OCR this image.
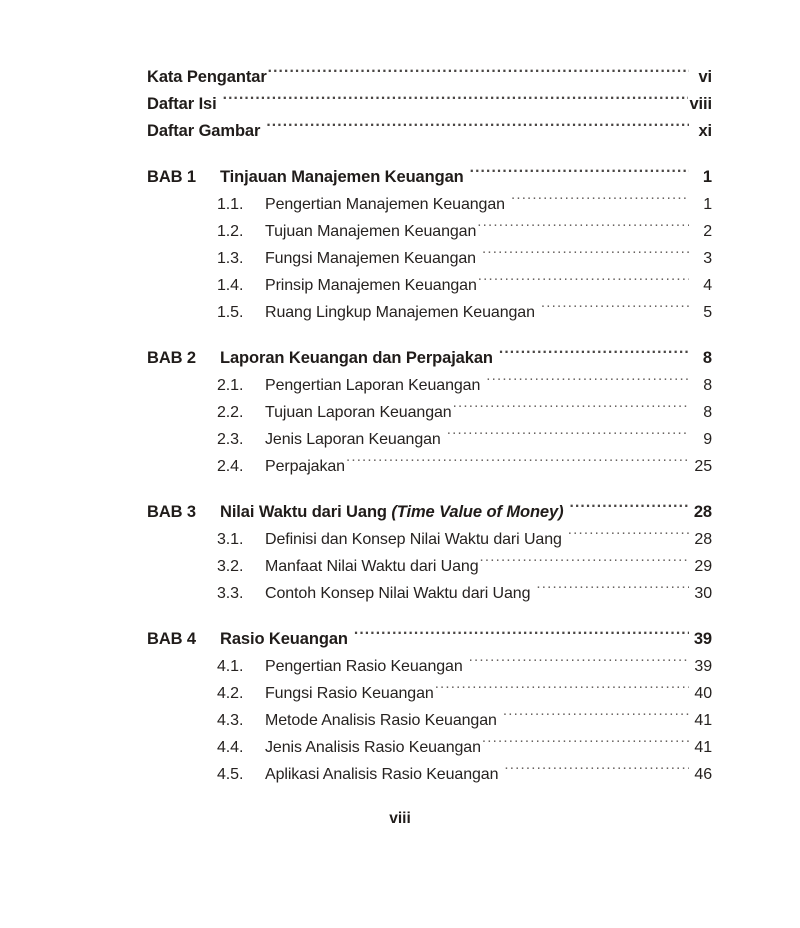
Kata Pengantar .....	vi
Daftar Isi .....	viii
Daftar Gambar .....	xi
BAB 1	Tinjauan Manajemen Keuangan .....	1
1.1.	Pengertian Manajemen Keuangan .....	1
1.2.	Tujuan Manajemen Keuangan .....	2
1.3.	Fungsi Manajemen Keuangan .....	3
1.4.	Prinsip Manajemen Keuangan .....	4
1.5.	Ruang Lingkup Manajemen Keuangan .....	5
BAB 2	Laporan Keuangan dan Perpajakan .....	8
2.1.	Pengertian Laporan Keuangan .....	8
2.2.	Tujuan Laporan Keuangan .....	8
2.3.	Jenis Laporan Keuangan .....	9
2.4.	Perpajakan .....	25
BAB 3	Nilai Waktu dari Uang (Time Value of Money) .....	28
3.1.	Definisi dan Konsep Nilai Waktu dari Uang .....	28
3.2.	Manfaat Nilai Waktu dari Uang .....	29
3.3.	Contoh Konsep Nilai Waktu dari Uang .....	30
BAB 4	Rasio Keuangan .....	39
4.1.	Pengertian Rasio Keuangan .....	39
4.2.	Fungsi Rasio Keuangan .....	40
4.3.	Metode Analisis Rasio Keuangan .....	41
4.4.	Jenis Analisis Rasio Keuangan .....	41
4.5.	Aplikasi Analisis Rasio Keuangan .....	46
viii
